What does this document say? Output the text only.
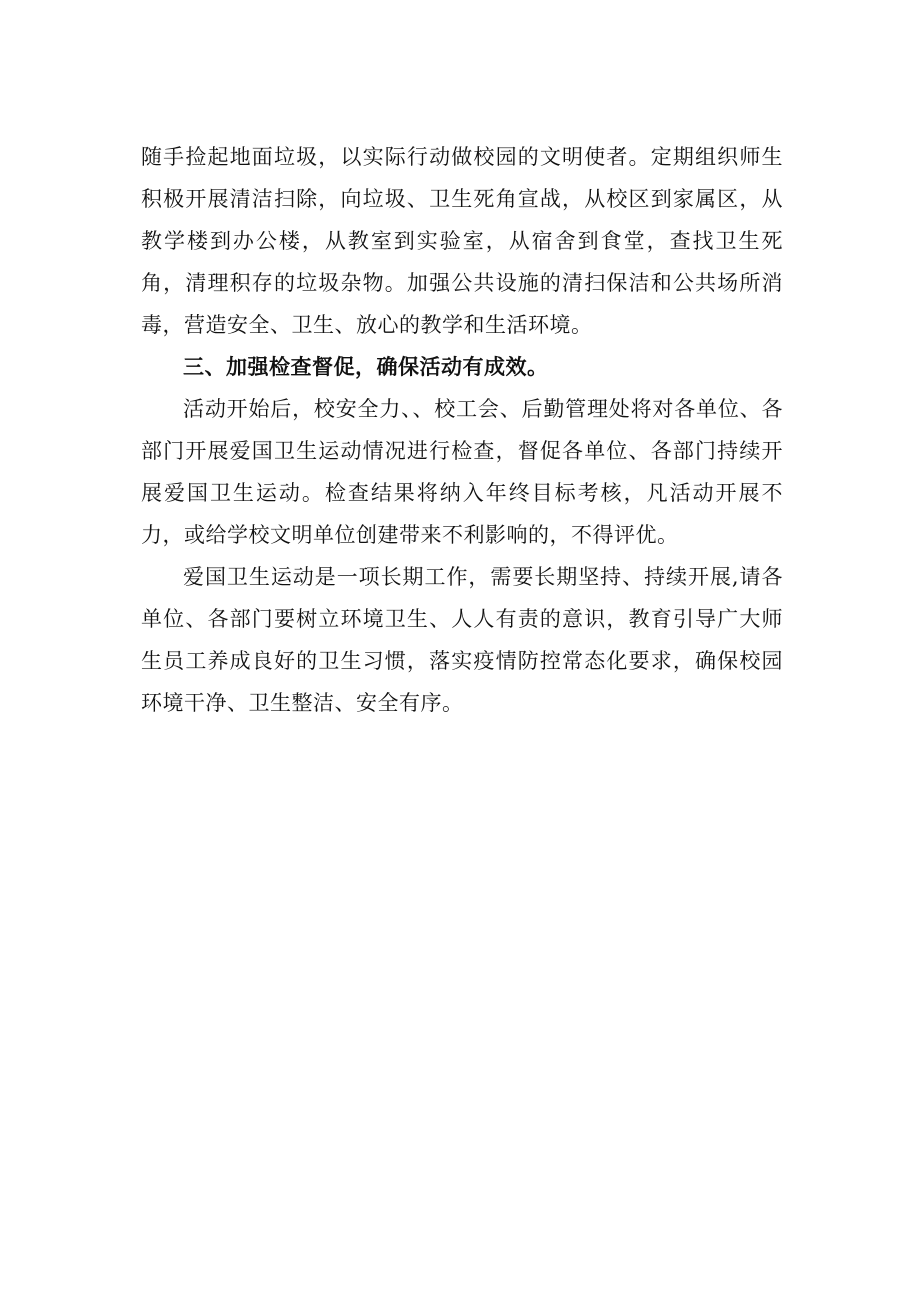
随手捡起地面垃圾，以实际行动做校园的文明使者。定期组织师生积极开展清洁扫除，向垃圾、卫生死角宣战，从校区到家属区，从教学楼到办公楼，从教室到实验室，从宿舍到食堂，查找卫生死角，清理积存的垃圾杂物。加强公共设施的清扫保洁和公共场所消毒，营造安全、卫生、放心的教学和生活环境。

三、加强检查督促，确保活动有成效。

活动开始后，校安全力、、校工会、后勤管理处将对各单位、各部门开展爱国卫生运动情况进行检查，督促各单位、各部门持续开展爱国卫生运动。检查结果将纳入年终目标考核，凡活动开展不力，或给学校文明单位创建带来不利影响的，不得评优。

爱国卫生运动是一项长期工作，需要长期坚持、持续开展,请各单位、各部门要树立环境卫生、人人有责的意识，教育引导广大师生员工养成良好的卫生习惯，落实疫情防控常态化要求，确保校园环境干净、卫生整洁、安全有序。
